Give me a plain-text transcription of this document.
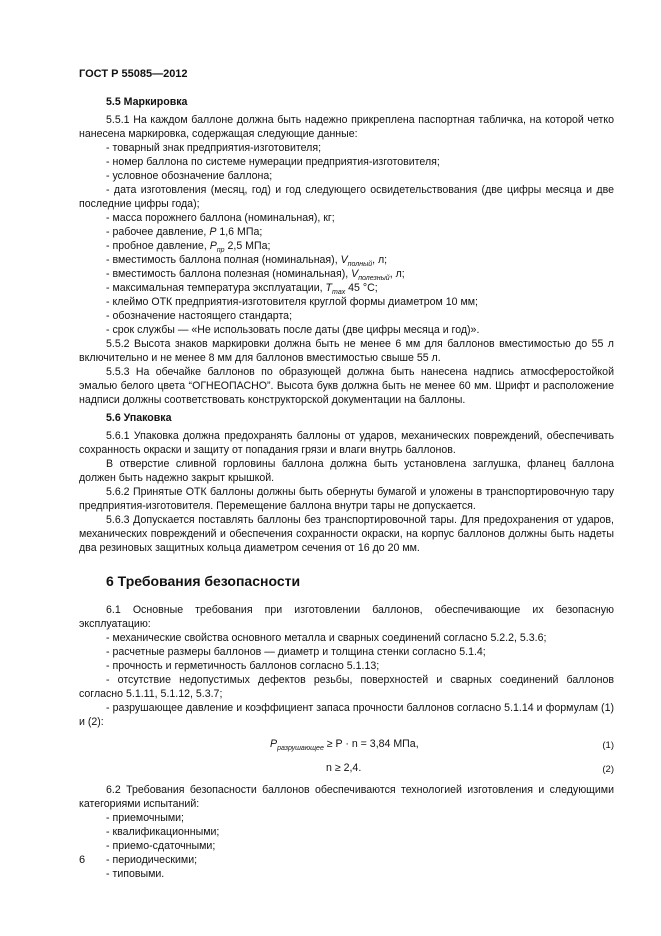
ГОСТ Р 55085—2012

5.5 Маркировка

5.5.1 На каждом баллоне должна быть надежно прикреплена паспортная табличка, на которой четко нанесена маркировка, содержащая следующие данные:

- товарный знак предприятия-изготовителя;

- номер баллона по системе нумерации предприятия-изготовителя;

- условное обозначение баллона;

- дата изготовления (месяц, год) и год следующего освидетельствования (две цифры месяца и две последние цифры года);

- масса порожнего баллона (номинальная), кг;

- рабочее давление, P 1,6 МПа;

- пробное давление, $P_{пр}$ 2,5 МПа;

- вместимость баллона полная (номинальная), $V_{полный}$, л;

- вместимость баллона полезная (номинальная), $V_{полезный}$, л;

- максимальная температура эксплуатации, $T_{max}$ 45 °С;

- клеймо ОТК предприятия-изготовителя круглой формы диаметром 10 мм;

- обозначение настоящего стандарта;

- срок службы — «Не использовать после даты (две цифры месяца и год)».

5.5.2 Высота знаков маркировки должна быть не менее 6 мм для баллонов вместимостью до 55 л включительно и не менее 8 мм для баллонов вместимостью свыше 55 л.

5.5.3 На обечайке баллонов по образующей должна быть нанесена надпись атмосферостойкой эмалью белого цвета “ОГНЕОПАСНО”. Высота букв должна быть не менее 60 мм. Шрифт и расположение надписи должны соответствовать конструкторской документации на баллоны.

5.6 Упаковка

5.6.1 Упаковка должна предохранять баллоны от ударов, механических повреждений, обеспечивать сохранность окраски и защиту от попадания грязи и влаги внутрь баллонов.

В отверстие сливной горловины баллона должна быть установлена заглушка, фланец баллона должен быть надежно закрыт крышкой.

5.6.2 Принятые ОТК баллоны должны быть обернуты бумагой и уложены в транспортировочную тару предприятия-изготовителя. Перемещение баллона внутри тары не допускается.

5.6.3 Допускается поставлять баллоны без транспортировочной тары. Для предохранения от ударов, механических повреждений и обеспечения сохранности окраски, на корпус баллонов должны быть надеты два резиновых защитных кольца диаметром сечения от 16 до 20 мм.

6 Требования безопасности

6.1 Основные требования при изготовлении баллонов, обеспечивающие их безопасную эксплуатацию:

- механические свойства основного металла и сварных соединений согласно 5.2.2, 5.3.6;

- расчетные размеры баллонов — диаметр и толщина стенки согласно 5.1.4;

- прочность и герметичность баллонов согласно 5.1.13;

- отсутствие недопустимых дефектов резьбы, поверхностей и сварных соединений баллонов согласно 5.1.11, 5.1.12, 5.3.7;

- разрушающее давление и коэффициент запаса прочности баллонов согласно 5.1.14 и формулам (1) и (2):

$P_{разрушающее} \ge P \cdot n = 3,84$ МПа,	(1)
n ≥ 2,4.	(2)

6.2 Требования безопасности баллонов обеспечиваются технологией изготовления и следующими категориями испытаний:

- приемочными;

- квалификационными;

- приемо-сдаточными;

- периодическими;

- типовыми.

6
